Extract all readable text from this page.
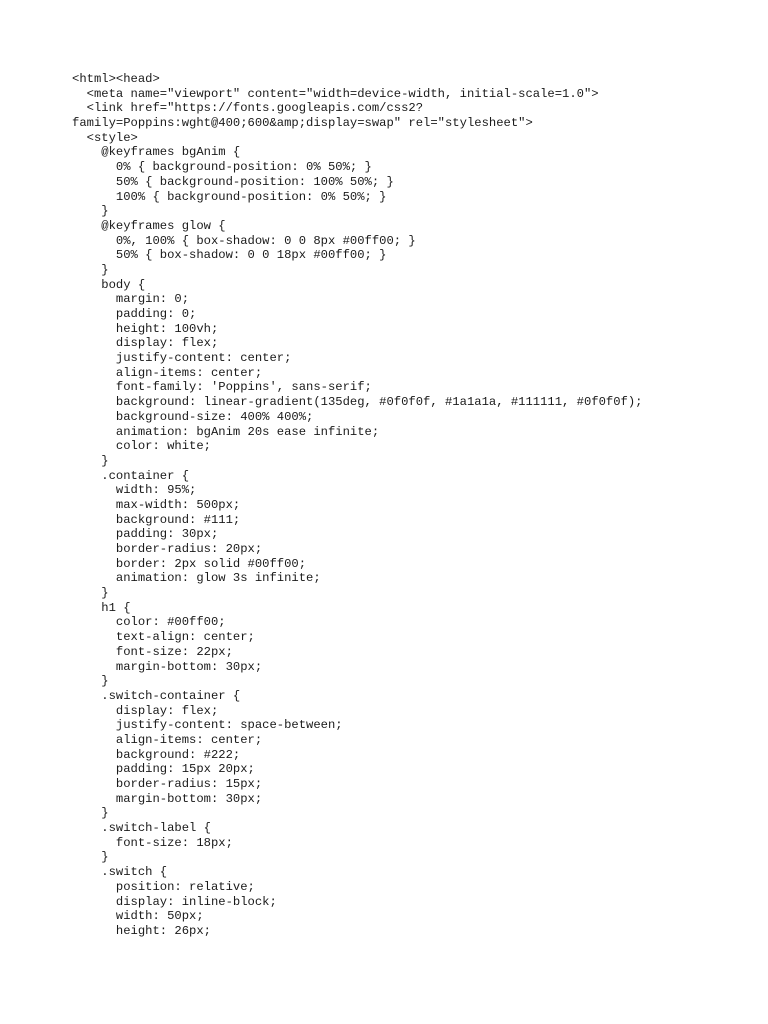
<html><head>
<meta name="viewport" content="width=device-width, initial-scale=1.0">
<link href="https://fonts.googleapis.com/css2?
family=Poppins:wght@400;600&amp;display=swap" rel="stylesheet">
<style>
@keyframes bgAnim {
0% { background-position: 0% 50%; }
50% { background-position: 100% 50%; }
100% { background-position: 0% 50%; }
}
@keyframes glow {
0%, 100% { box-shadow: 0 0 8px #00ff00; }
50% { box-shadow: 0 0 18px #00ff00; }
}
body {
margin: 0;
padding: 0;
height: 100vh;
display: flex;
justify-content: center;
align-items: center;
font-family: 'Poppins', sans-serif;
background: linear-gradient(135deg, #0f0f0f, #1a1a1a, #111111, #0f0f0f);
background-size: 400% 400%;
animation: bgAnim 20s ease infinite;
color: white;
}
.container {
width: 95%;
max-width: 500px;
background: #111;
padding: 30px;
border-radius: 20px;
border: 2px solid #00ff00;
animation: glow 3s infinite;
}
h1 {
color: #00ff00;
text-align: center;
font-size: 22px;
margin-bottom: 30px;
}
.switch-container {
display: flex;
justify-content: space-between;
align-items: center;
background: #222;
padding: 15px 20px;
border-radius: 15px;
margin-bottom: 30px;
}
.switch-label {
font-size: 18px;
}
.switch {
position: relative;
display: inline-block;
width: 50px;
height: 26px;
